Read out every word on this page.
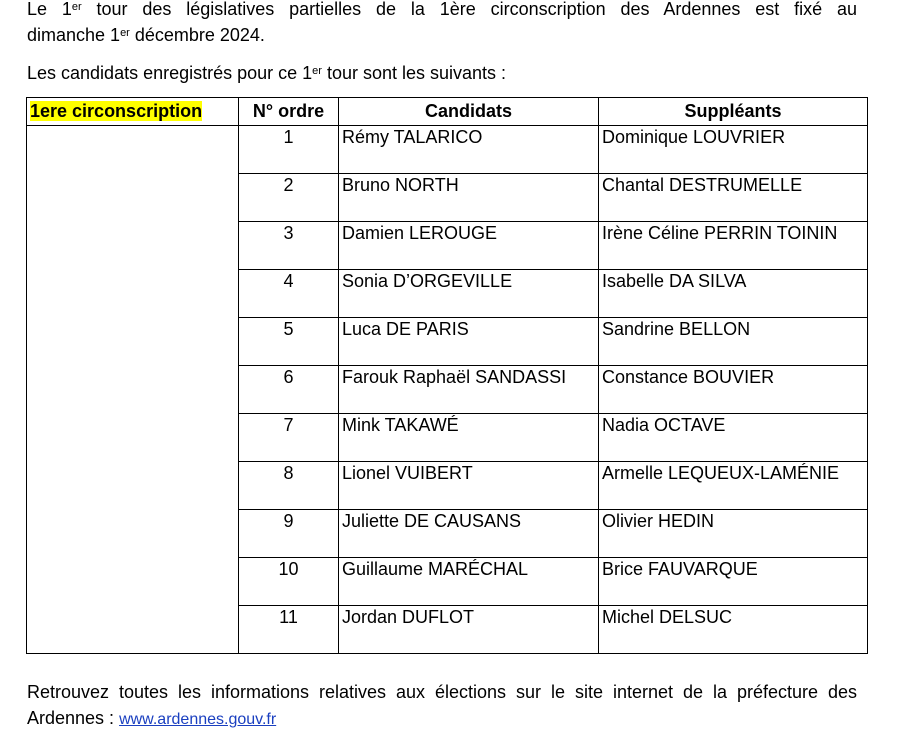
Le 1er tour des législatives partielles de la 1ère circonscription des Ardennes est fixé au
dimanche 1er décembre 2024.
Les candidats enregistrés pour ce 1er tour sont les suivants :
1ere circonscription	N° ordre	Candidats	Suppléants
	1	Rémy TALARICO	Dominique LOUVRIER
	2	Bruno NORTH	Chantal DESTRUMELLE
	3	Damien LEROUGE	Irène Céline PERRIN TOININ
	4	Sonia D’ORGEVILLE	Isabelle DA SILVA
	5	Luca DE PARIS	Sandrine BELLON
	6	Farouk Raphaël SANDASSI	Constance BOUVIER
	7	Mink TAKAWÉ	Nadia OCTAVE
	8	Lionel VUIBERT	Armelle LEQUEUX-LAMÉNIE
	9	Juliette DE CAUSANS	Olivier HEDIN
	10	Guillaume MARÉCHAL	Brice FAUVARQUE
	11	Jordan DUFLOT	Michel DELSUC
Retrouvez toutes les informations relatives aux élections sur le site internet de la préfecture des Ardennes : www.ardennes.gouv.fr
